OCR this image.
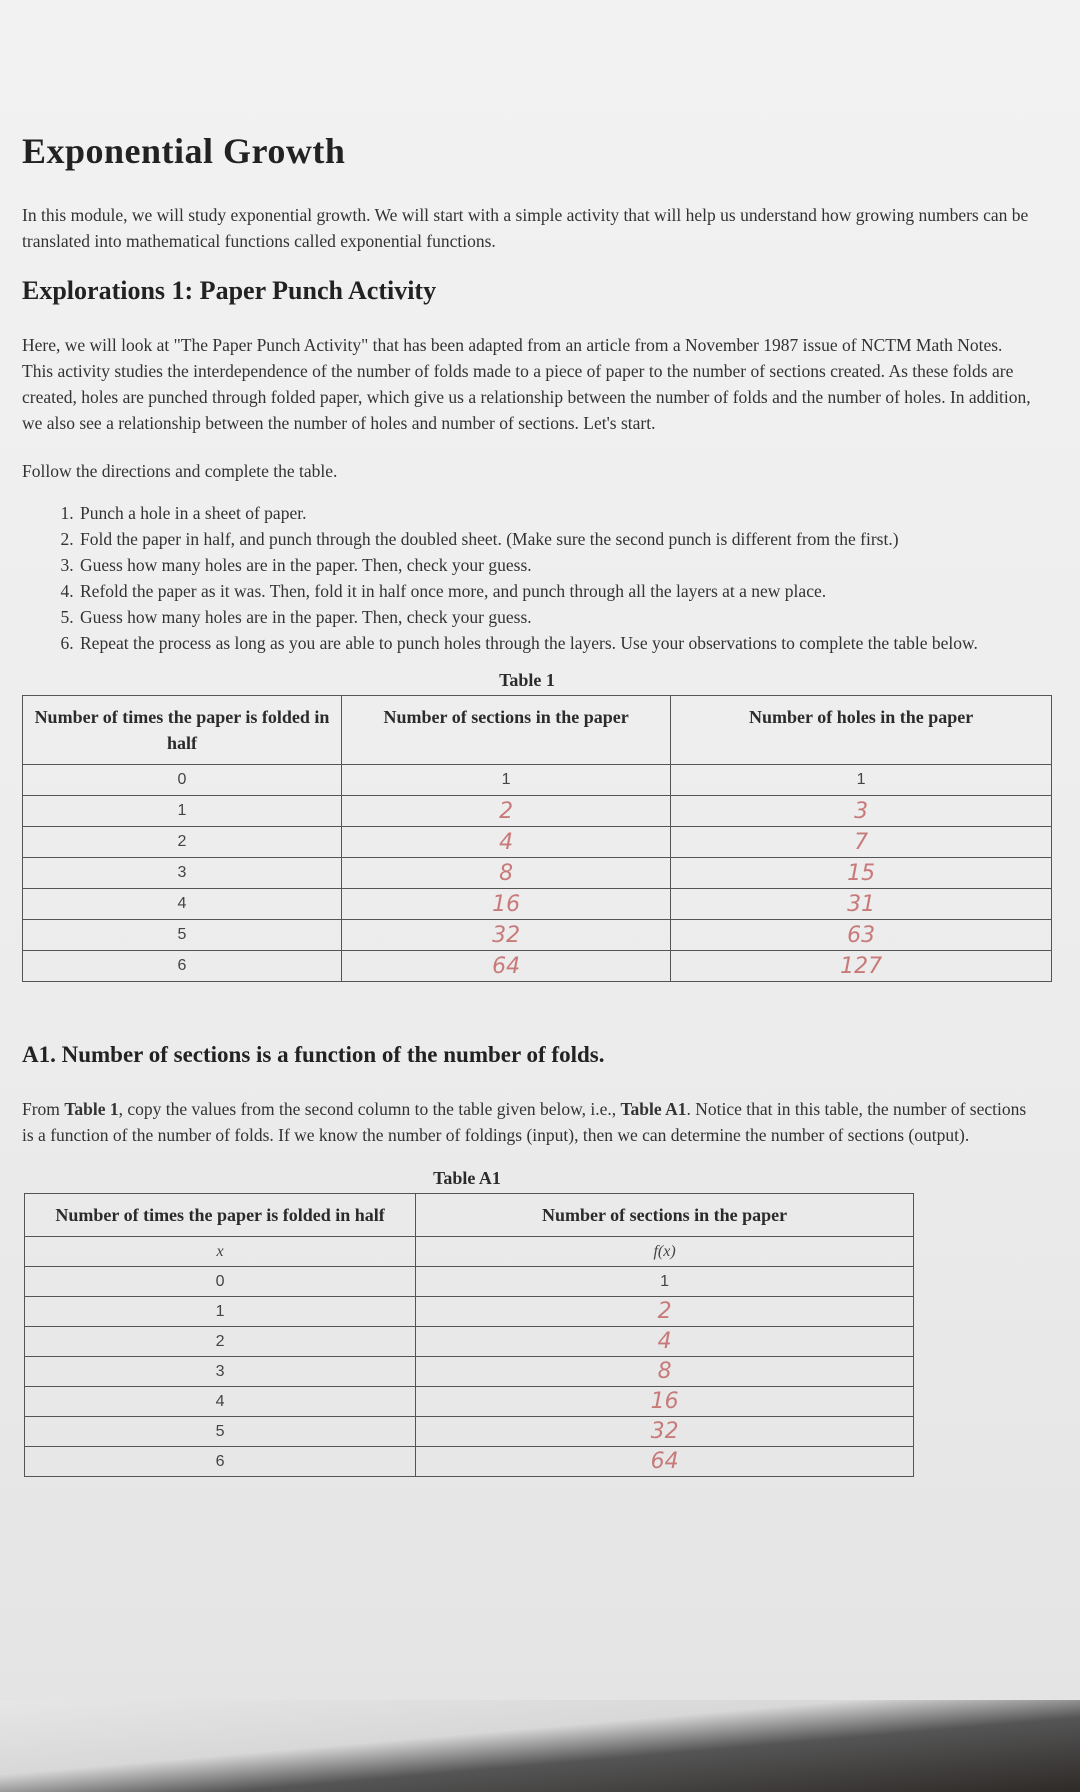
Exponential Growth

In this module, we will study exponential growth. We will start with a simple activity that will help us understand how growing numbers can be translated into mathematical functions called exponential functions.

Explorations 1: Paper Punch Activity

Here, we will look at "The Paper Punch Activity" that has been adapted from an article from a November 1987 issue of NCTM Math Notes. This activity studies the interdependence of the number of folds made to a piece of paper to the number of sections created. As these folds are created, holes are punched through folded paper, which give us a relationship between the number of folds and the number of holes. In addition, we also see a relationship between the number of holes and number of sections. Let's start.

Follow the directions and complete the table.

1. Punch a hole in a sheet of paper.
2. Fold the paper in half, and punch through the doubled sheet. (Make sure the second punch is different from the first.)
3. Guess how many holes are in the paper. Then, check your guess.
4. Refold the paper as it was. Then, fold it in half once more, and punch through all the layers at a new place.
5. Guess how many holes are in the paper. Then, check your guess.
6. Repeat the process as long as you are able to punch holes through the layers. Use your observations to complete the table below.
Table 1
Number of times the paper is folded in half	Number of sections in the paper	Number of holes in the paper
0	1	1
1	2	3
2	4	7
3	8	15
4	16	31
5	32	63
6	64	127
A1. Number of sections is a function of the number of folds.

From Table 1, copy the values from the second column to the table given below, i.e., Table A1. Notice that in this table, the number of sections is a function of the number of folds. If we know the number of foldings (input), then we can determine the number of sections (output).

Table A1
Number of times the paper is folded in half	Number of sections in the paper
x	f(x)
0	1
1	2
2	4
3	8
4	16
5	32
6	64
